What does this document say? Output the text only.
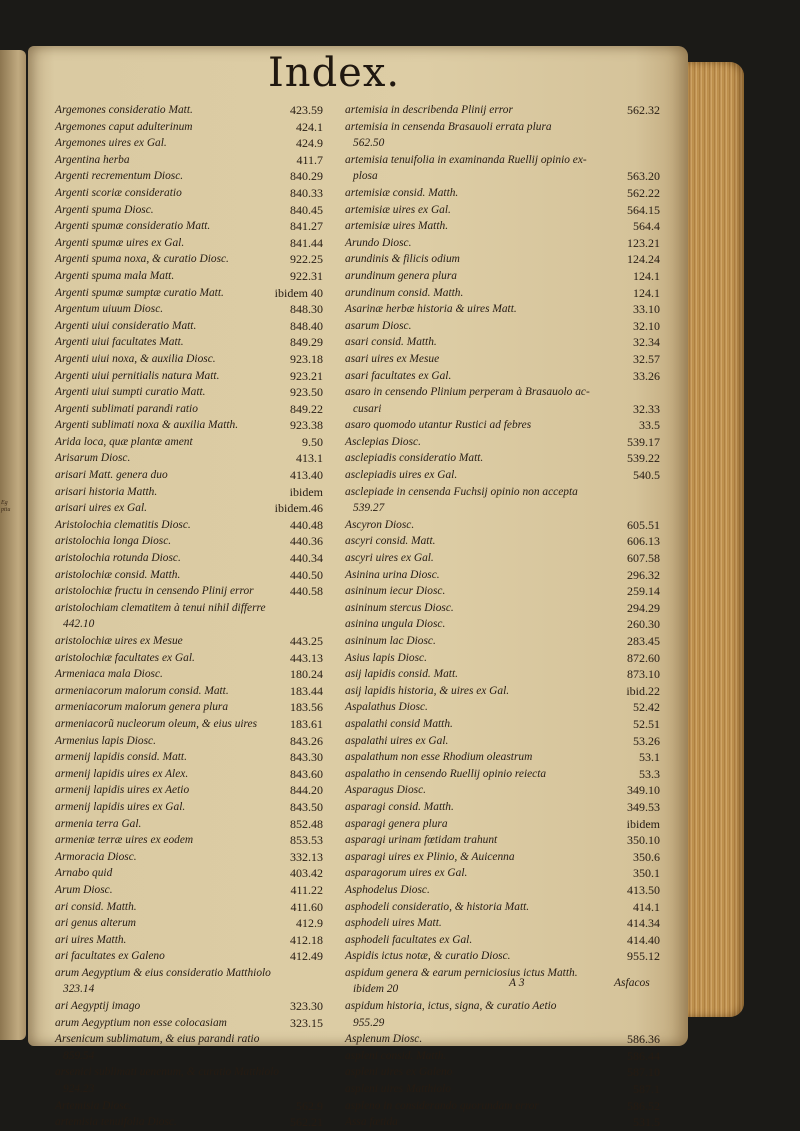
Eg ptiu
Index.
Argemones consideratio Matt.	423.59
Argemones caput adulterinum	424.1
Argemones uires ex Gal.	424.9
Argentina herba	411.7
Argenti recrementum Diosc.	840.29
Argenti scoriæ consideratio	840.33
Argenti spuma Diosc.	840.45
Argenti spumæ consideratio Matt.	841.27
Argenti spumæ uires ex Gal.	841.44
Argenti spuma noxa, & curatio Diosc.	922.25
Argenti spuma mala Matt.	922.31
Argenti spumæ sumptæ curatio Matt.	ibidem 40
Argentum uiuum Diosc.	848.30
Argenti uiui consideratio Matt.	848.40
Argenti uiui facultates Matt.	849.29
Argenti uiui noxa, & auxilia Diosc.	923.18
Argenti uiui pernitialis natura Matt.	923.21
Argenti uiui sumpti curatio Matt.	923.50
Argenti sublimati parandi ratio	849.22
Argenti sublimati noxa & auxilia Matth.	923.38
Arida loca, quæ plantæ ament	9.50
Arisarum Diosc.	413.1
arisari Matt. genera duo	413.40
arisari historia Matth.	ibidem
arisari uires ex Gal.	ibidem.46
Aristolochia clematitis Diosc.	440.48
aristolochia longa Diosc.	440.36
aristolochia rotunda Diosc.	440.34
aristolochiæ consid. Matth.	440.50
aristolochiæ fructu in censendo Plinij error	440.58
aristolochiam clematitem à tenui nihil differre
442.10
aristolochiæ uires ex Mesue	443.25
aristolochiæ facultates ex Gal.	443.13
Armeniaca mala Diosc.	180.24
armeniacorum malorum consid. Matt.	183.44
armeniacorum malorum genera plura	183.56
armeniacorũ nucleorum oleum, & eius uires	183.61
Armenius lapis Diosc.	843.26
armenij lapidis consid. Matt.	843.30
armenij lapidis uires ex Alex.	843.60
armenij lapidis uires ex Aetio	844.20
armenij lapidis uires ex Gal.	843.50
armenia terra Gal.	852.48
armeniæ terræ uires ex eodem	853.53
Armoracia Diosc.	332.13
Arnabo quid	403.42
Arum Diosc.	411.22
ari consid. Matth.	411.60
ari genus alterum	412.9
ari uires Matth.	412.18
ari facultates ex Galeno	412.49
arum Aegyptium & eius consideratio Matthiolo
323.14
ari Aegyptij imago	323.30
arum Aegyptium non esse colocasiam	323.15
Arsenicum sublimatum, & eius parandi ratio
859.54
arsenici sublimati uenenum, & curatio Matthiolo
924.23
Artemisia Diosc.	562.9
artemisia tenuifolia Diosc.	562.21
artemisia in describenda Plinij error	562.32
artemisia in censenda Brasauoli errata plura
562.50
artemisia tenuifolia in examinanda Ruellij opinio ex-
plosa	563.20
artemisiæ consid. Matth.	562.22
artemisiæ uires ex Gal.	564.15
artemisiæ uires Matth.	564.4
Arundo Diosc.	123.21
arundinis & filicis odium	124.24
arundinum genera plura	124.1
arundinum consid. Matth.	124.1
Asarinæ herbæ historia & uires Matt.	33.10
asarum Diosc.	32.10
asari consid. Matth.	32.34
asari uires ex Mesue	32.57
asari facultates ex Gal.	33.26
asaro in censendo Plinium perperam à Brasauolo ac-
cusari	32.33
asaro quomodo utantur Rustici ad febres	33.5
Asclepias Diosc.	539.17
asclepiadis consideratio Matt.	539.22
asclepiadis uires ex Gal.	540.5
asclepiade in censenda Fuchsij opinio non accepta
539.27
Ascyron Diosc.	605.51
ascyri consid. Matt.	606.13
ascyri uires ex Gal.	607.58
Asinina urina Diosc.	296.32
asininum iecur Diosc.	259.14
asininum stercus Diosc.	294.29
asinina ungula Diosc.	260.30
asininum lac Diosc.	283.45
Asius lapis Diosc.	872.60
asij lapidis consid. Matt.	873.10
asij lapidis historia, & uires ex Gal.	ibid.22
Aspalathus Diosc.	52.42
aspalathi consid Matth.	52.51
aspalathi uires ex Gal.	53.26
aspalathum non esse Rhodium oleastrum	53.1
aspalatho in censendo Ruellij opinio reiecta	53.3
Asparagus Diosc.	349.10
asparagi consid. Matth.	349.53
asparagi genera plura	ibidem
asparagi urinam fœtidam trahunt	350.10
asparagi uires ex Plinio, & Auicenna	350.6
asparagorum uires ex Gal.	350.1
Asphodelus Diosc.	413.50
asphodeli consideratio, & historia Matt.	414.1
asphodeli uires Matt.	414.34
asphodeli facultates ex Gal.	414.40
Aspidis ictus notæ, & curatio Diosc.	955.12
aspidum genera & earum perniciosius ictus Matth.
ibidem 20
aspidum historia, ictus, signa, & curatio Aetio
955.29
Asplenum Diosc.	586.36
aspleni consid. Matth.	586.44
aspleni uires ex Galeno	587.10
aspleni uires Matthiolo	587.1
aspleno in considerando quorundam error	586.52
Assa fœtida	531.5
A 3	Asfacos
